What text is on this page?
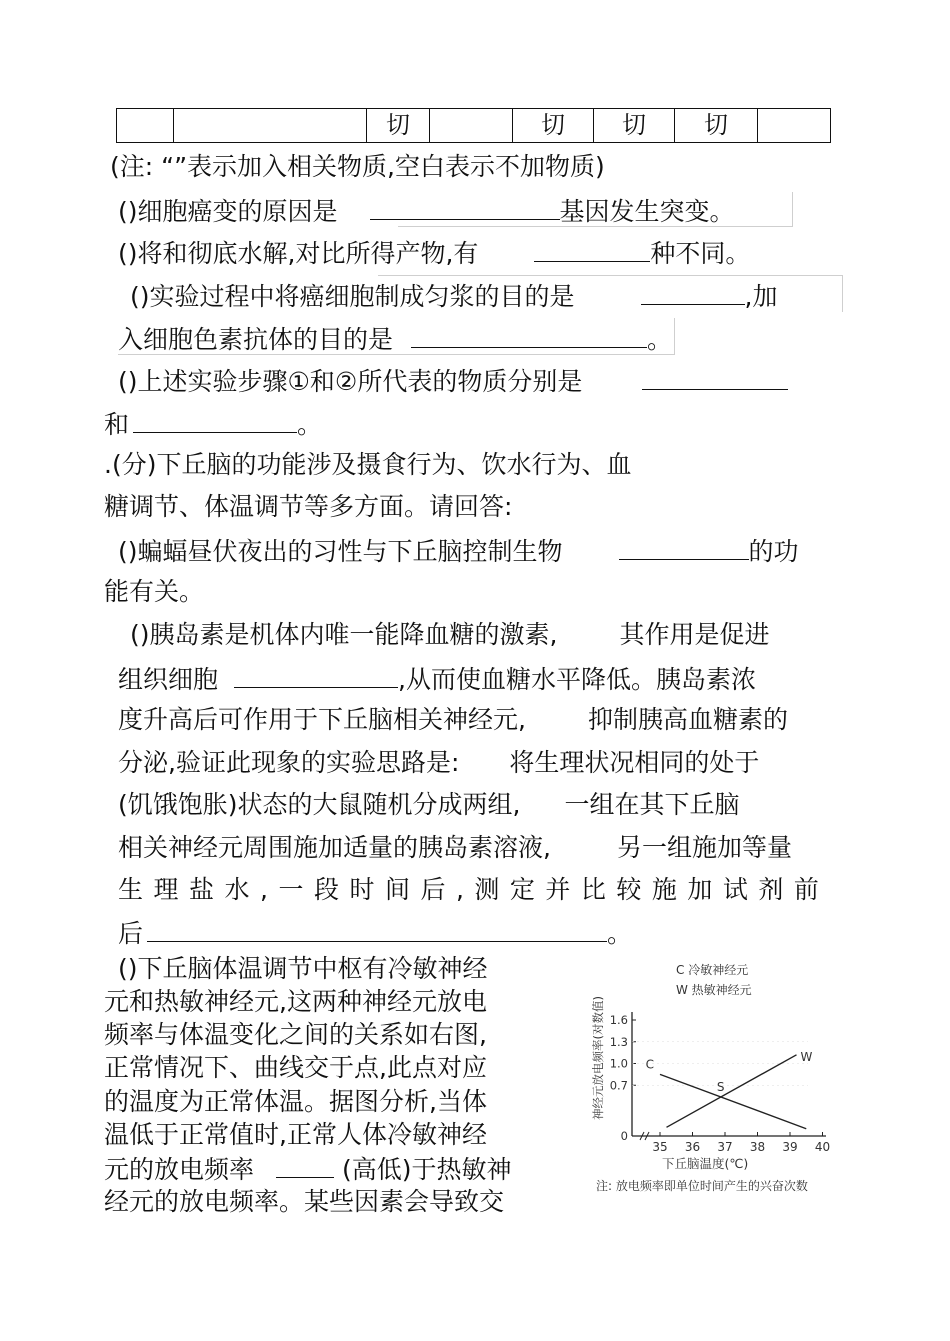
		切		切	切	切	
(注: “”表示加入相关物质,空白表示不加物质)
()细胞癌变的原因是	基因发生突变。
()将和彻底水解,对比所得产物,有	种不同。
()实验过程中将癌细胞制成匀浆的目的是	,加
入细胞色素抗体的目的是	。
()上述实验步骤①和②所代表的物质分别是
和	。
.(分)下丘脑的功能涉及摄食行为、饮水行为、血
糖调节、体温调节等多方面。请回答:
()蝙蝠昼伏夜出的习性与下丘脑控制生物	的功
能有关。
()胰岛素是机体内唯一能降血糖的激素, 其作用是促进
组织细胞	,从而使血糖水平降低。胰岛素浓
度升高后可作用于下丘脑相关神经元, 抑制胰高血糖素的
分泌,验证此现象的实验思路是: 将生理状况相同的处于
(饥饿饱胀)状态的大鼠随机分成两组, 一组在其下丘脑
相关神经元周围施加适量的胰岛素溶液,	另一组施加等量
生理盐水,一段时间后,测定并比较施加试剂前
后	。
()下丘脑体温调节中枢有冷敏神经
元和热敏神经元,这两种神经元放电
频率与体温变化之间的关系如右图,
正常情况下、曲线交于点,此点对应
的温度为正常体温。据图分析,当体
温低于正常值时,正常人体冷敏神经
元的放电频率	(高低)于热敏神
经元的放电频率。某些因素会导致交
35 36 37 38 39 40
0
0.7
1.0
1.3
1.6
C
W
S
C 冷敏神经元
W 热敏神经元
神经元放电频率(对数值)
下丘脑温度(℃)
注: 放电频率即单位时间产生的兴奋次数
